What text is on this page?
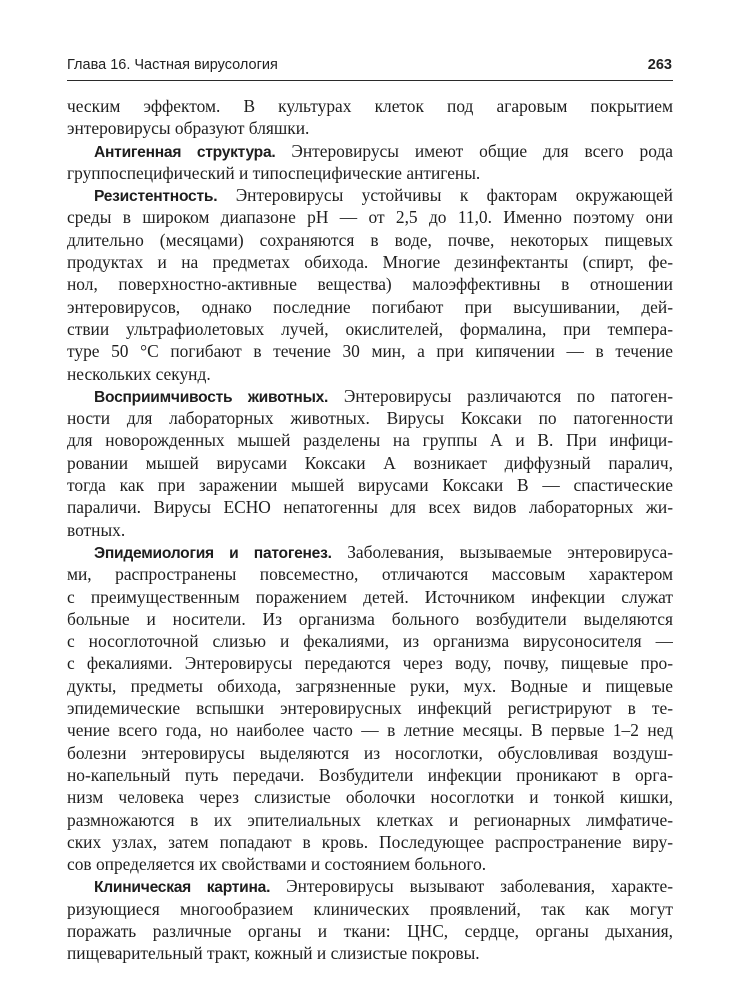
Глава 16. Частная вирусология	263
ческим эффектом. В культурах клеток под агаровым покрытием
энтеровирусы образуют бляшки.
Антигенная структура. Энтеровирусы имеют общие для всего рода
группоспецифический и типоспецифические антигены.
Резистентность. Энтеровирусы устойчивы к факторам окружающей
среды в широком диапазоне рН — от 2,5 до 11,0. Именно поэтому они
длительно (месяцами) сохраняются в воде, почве, некоторых пищевых
продуктах и на предметах обихода. Многие дезинфектанты (спирт, фе-
нол, поверхностно-активные вещества) малоэффективны в отношении
энтеровирусов, однако последние погибают при высушивании, дей-
ствии ультрафиолетовых лучей, окислителей, формалина, при темпера-
туре 50 °С погибают в течение 30 мин, а при кипячении — в течение
нескольких секунд.
Восприимчивость животных. Энтеровирусы различаются по патоген-
ности для лабораторных животных. Вирусы Коксаки по патогенности
для новорожденных мышей разделены на группы А и В. При инфици-
ровании мышей вирусами Коксаки А возникает диффузный паралич,
тогда как при заражении мышей вирусами Коксаки В — спастические
параличи. Вирусы ЕСНО непатогенны для всех видов лабораторных жи-
вотных.
Эпидемиология и патогенез. Заболевания, вызываемые энтеровируса-
ми, распространены повсеместно, отличаются массовым характером
с преимущественным поражением детей. Источником инфекции служат
больные и носители. Из организма больного возбудители выделяются
с носоглоточной слизью и фекалиями, из организма вирусоносителя —
с фекалиями. Энтеровирусы передаются через воду, почву, пищевые про-
дукты, предметы обихода, загрязненные руки, мух. Водные и пищевые
эпидемические вспышки энтеровирусных инфекций регистрируют в те-
чение всего года, но наиболее часто — в летние месяцы. В первые 1–2 нед
болезни энтеровирусы выделяются из носоглотки, обусловливая воздуш-
но-капельный путь передачи. Возбудители инфекции проникают в орга-
низм человека через слизистые оболочки носоглотки и тонкой кишки,
размножаются в их эпителиальных клетках и регионарных лимфатиче-
ских узлах, затем попадают в кровь. Последующее распространение виру-
сов определяется их свойствами и состоянием больного.
Клиническая картина. Энтеровирусы вызывают заболевания, характе-
ризующиеся многообразием клинических проявлений, так как могут
поражать различные органы и ткани: ЦНС, сердце, органы дыхания,
пищеварительный тракт, кожный и слизистые покровы.
